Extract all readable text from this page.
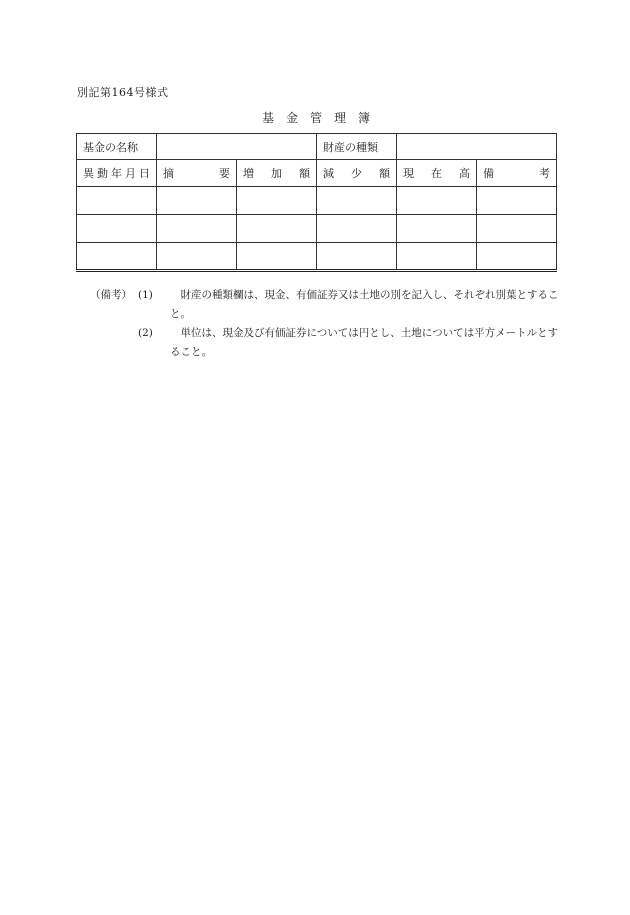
別記第164号様式
基　金　管　理　簿
基金の名称			財産の種類		

異 動 年 月 日	摘 要	増 加 額	減 少 額	現 在 高	備 考

（備考） (1) 　財産の種類欄は、現金、有価証券又は土地の別を記入し、それぞれ別葉とすること。
(2) 　単位は、現金及び有価証券については円とし、土地については平方メートルとすること。
